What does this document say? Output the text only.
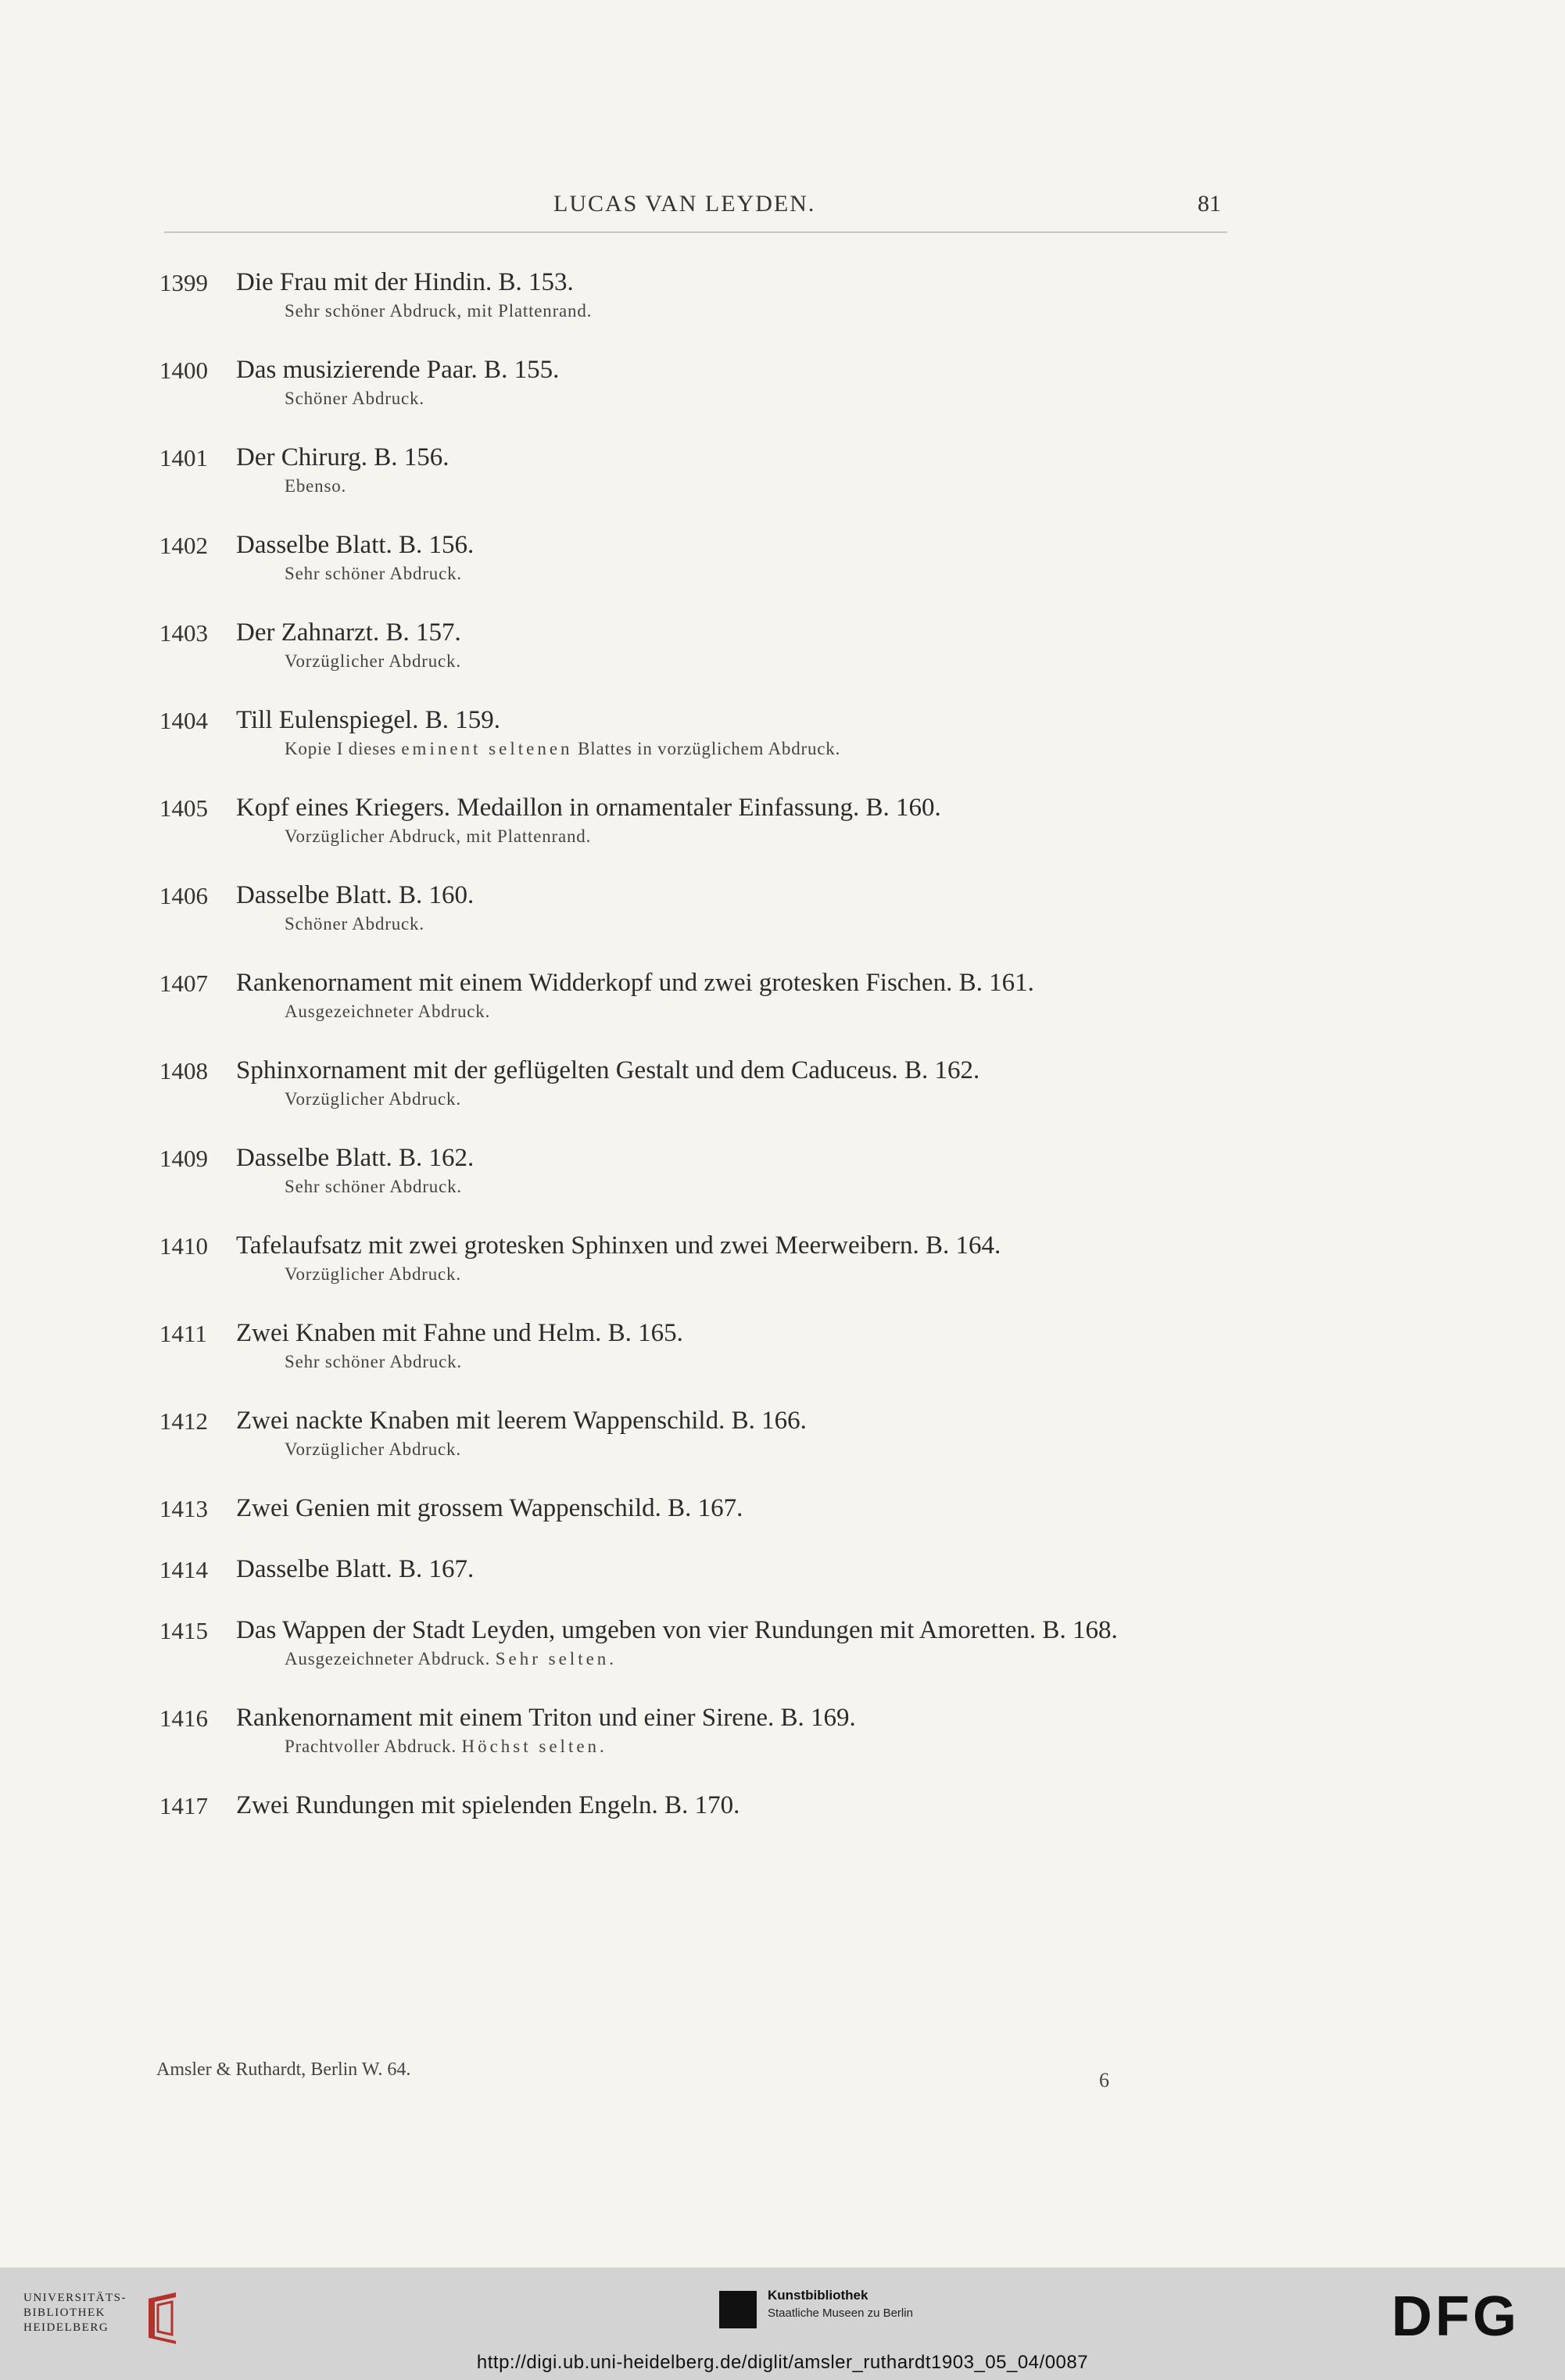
LUCAS VAN LEYDEN.	81
1399 Die Frau mit der Hindin. B. 153.
Sehr schöner Abdruck, mit Plattenrand.
1400 Das musizierende Paar. B. 155.
Schöner Abdruck.
1401 Der Chirurg. B. 156.
Ebenso.
1402 Dasselbe Blatt. B. 156.
Sehr schöner Abdruck.
1403 Der Zahnarzt. B. 157.
Vorzüglicher Abdruck.
1404 Till Eulenspiegel. B. 159.
Kopie I dieses eminent seltenen Blattes in vorzüglichem Abdruck.
1405 Kopf eines Kriegers. Medaillon in ornamentaler Einfassung. B. 160.
Vorzüglicher Abdruck, mit Plattenrand.
1406 Dasselbe Blatt. B. 160.
Schöner Abdruck.
1407 Rankenornament mit einem Widderkopf und zwei grotesken Fischen. B. 161.
Ausgezeichneter Abdruck.
1408 Sphinxornament mit der geflügelten Gestalt und dem Caduceus. B. 162.
Vorzüglicher Abdruck.
1409 Dasselbe Blatt. B. 162.
Sehr schöner Abdruck.
1410 Tafelaufsatz mit zwei grotesken Sphinxen und zwei Meerweibern. B. 164.
Vorzüglicher Abdruck.
1411 Zwei Knaben mit Fahne und Helm. B. 165.
Sehr schöner Abdruck.
1412 Zwei nackte Knaben mit leerem Wappenschild. B. 166.
Vorzüglicher Abdruck.
1413 Zwei Genien mit grossem Wappenschild. B. 167.
1414 Dasselbe Blatt. B. 167.
1415 Das Wappen der Stadt Leyden, umgeben von vier Rundungen mit Amoretten. B. 168.
Ausgezeichneter Abdruck. Sehr selten.
1416 Rankenornament mit einem Triton und einer Sirene. B. 169.
Prachtvoller Abdruck. Höchst selten.
1417 Zwei Rundungen mit spielenden Engeln. B. 170.
Amsler & Ruthardt, Berlin W. 64.	6
UNIVERSITÄTS-
BIBLIOTHEK
HEIDELBERG
Kunstbibliothek
Staatliche Museen zu Berlin	DFG
http://digi.ub.uni-heidelberg.de/diglit/amsler_ruthardt1903_05_04/0087
